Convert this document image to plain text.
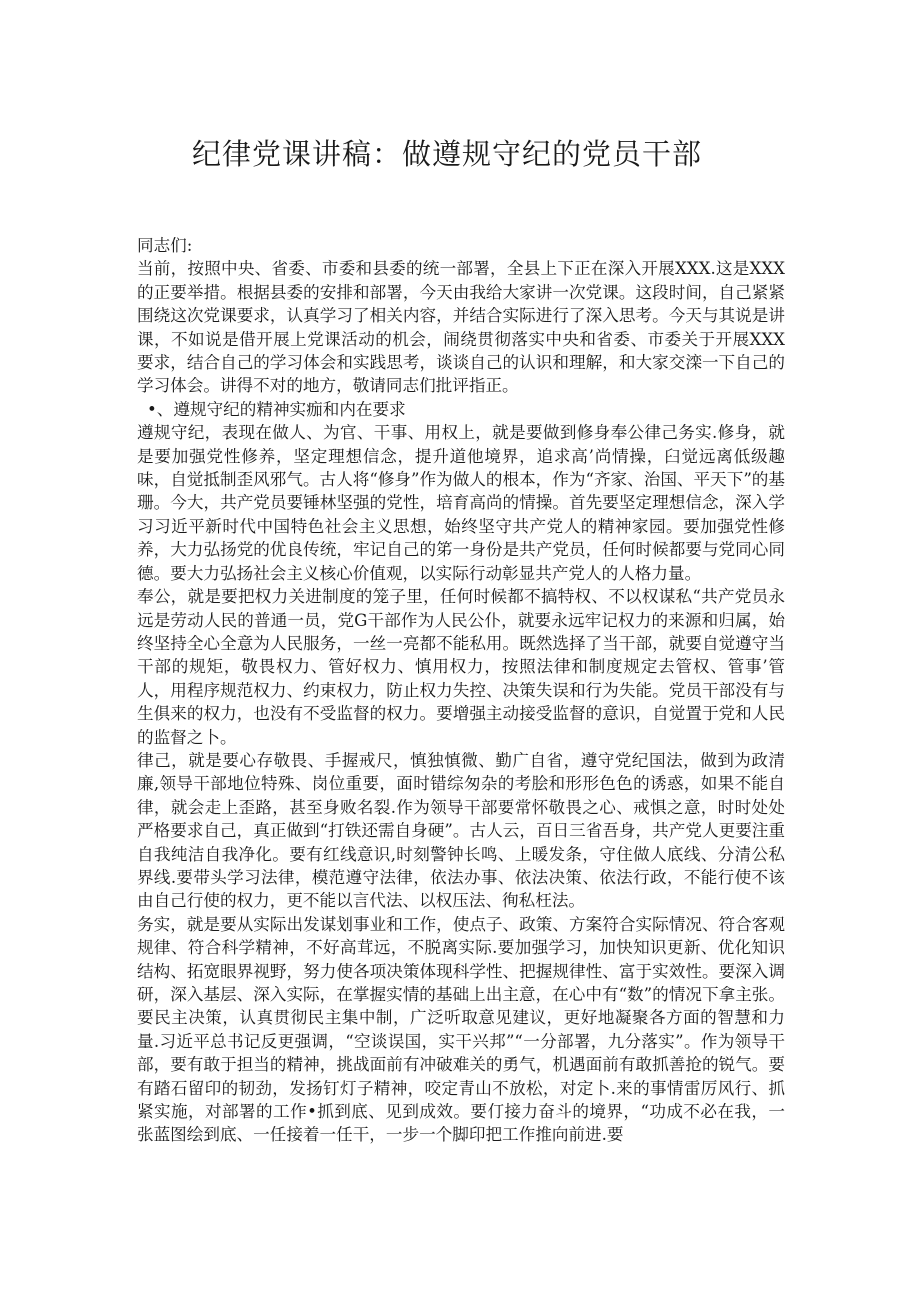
纪律党课讲稿：做遵规守纪的党员干部

同志们:

当前，按照中央、省委、市委和县委的统一部署，全县上下正在深入开展XXX.这是XXX的正要举措。根据县委的安排和部署，今天由我给大家讲一次党课。这段时间，自己紧紧围绕这次党课要求，认真学习了相关内容，并结合实际进行了深入思考。今天与其说是讲课，不如说是借开展上党课活动的机会，闹绕贯彻落实中央和省委、市委关于开展XXX要求，结合自己的学习体会和实践思考，谈谈自己的认识和理解，和大家交滦一下自己的学习体会。讲得不对的地方，敬请同志们批评指正。

•、遵规守纪的精神实痂和内在要求

遵规守纪，表现在做人、为官、干事、用权上，就是要做到修身奉公律己务实.修身，就是要加强党性修养，坚定理想信念，提升道他境界，追求高’尚情操，臼觉远离低级趣味，自觉抵制歪风邪气。古人将“修身”作为做人的根本，作为“齐家、治国、平天下”的基珊。今大，共产党员要锤林坚强的党性，培育高尚的情操。首先要坚定理想信念，深入学习习近平新时代中国特色社会主义思想，始终坚守共产党人的精神家园。要加强党性修养，大力弘扬党的优良传统，牢记自己的笫一身份是共产党员，任何时候都要与党同心同德。要大力弘扬社会主义核心价值观，以实际行动彰显共产党人的人格力量。

奉公，就是要把权力关进制度的笼子里，任何时候都不搞特权、不以权谋私“共产党员永远是劳动人民的普通一员，党G干部作为人民公仆，就要永远牢记权力的来源和归属，始终坚持全心全意为人民服务，一丝一亮都不能私用。既然选择了当干部，就要自觉遵守当干部的规矩，敬畏权力、管好权力、慎用权力，按照法律和制度规定去管权、管事’管人，用程序规范权力、约束权力，防止权力失控、决策失误和行为失能。党员干部没有与生俱来的权力，也没有不受监督的权力。要增强主动接受监督的意识，自觉置于党和人民的监督之卜。

律己，就是要心存敬畏、手握戒尺，慎独慎微、勤广自省，遵守党纪国法，做到为政清廉,领导干部地位特殊、岗位重要，面时错综匆杂的考脍和形形色色的诱惑，如果不能自律，就会走上歪路，甚至身败名裂.作为领导干部要常怀敬畏之心、戒惧之意，时时处处严格要求自己，真正做到“打铁还需自身硬”。古人云，百日三省吾身，共产党人更要注重自我纯洁自我净化。要有红线意识,时刻警钟长鸣、上暖发条，守住做人底线、分清公私界线.要带头学习法律，模范遵守法律，依法办事、依法决策、依法行政，不能行使不该由自己行使的权力，更不能以言代法、以权压法、徇私枉法。

务实，就是要从实际出发谋划事业和工作，使点子、政策、方案符合实际情况、符合客观规律、符合科学精神，不好高茸远，不脱离实际.要加强学习，加快知识更新、优化知识结构、拓宽眼界视野，努力使各项决策体现科学性、把握规律性、富于实效性。要深入调研，深入基层、深入实际，在掌握实情的基础上出主意，在心中有“数”的情况下拿主张。要民主决策，认真贯彻民主集中制，广泛听取意见建议，更好地凝聚各方面的智慧和力量.习近平总书记反更强调，“空谈误国，实干兴邦”“一分部署，九分落实”。作为领导干部，要有敢于担当的精神，挑战面前有冲破难关的勇气，机遇面前有敢抓善抢的锐气。要有踏石留印的韧劲，发扬钉灯子精神，咬定青山不放松，对定卜.来的事情雷厉风行、抓紧实施，对部署的工作•抓到底、见到成效。要仃接力奋斗的境界，“功成不必在我，一张蓝图绘到底、一任接着一任干，一步一个脚印把工作推向前进.要
